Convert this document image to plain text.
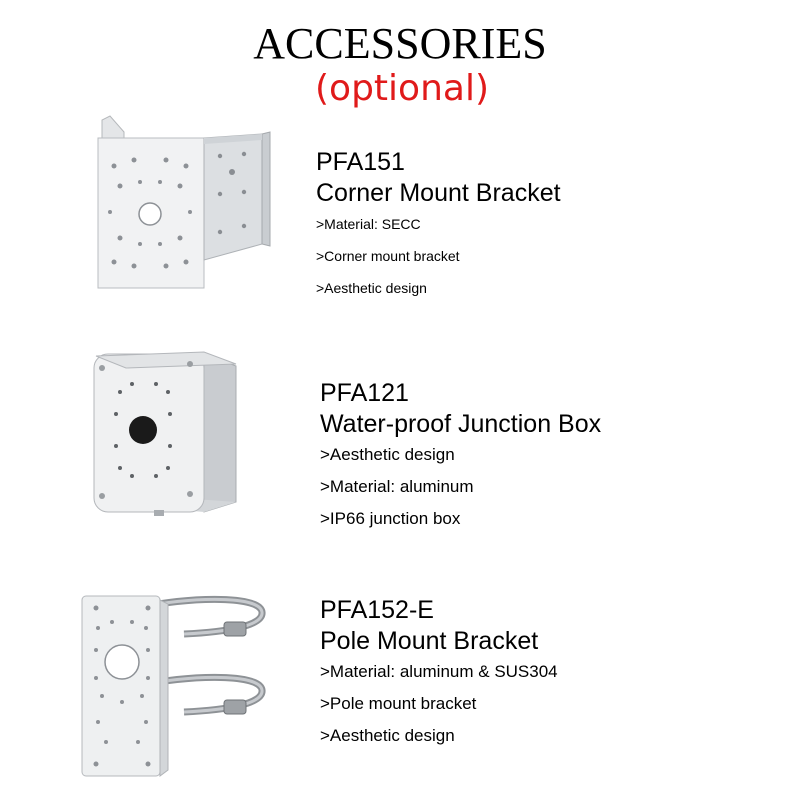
ACCESSORIES
(optional)
PFA151
Corner Mount Bracket
>Material: SECC
>Corner mount bracket
>Aesthetic design
PFA121
Water-proof Junction Box
>Aesthetic design
>Material: aluminum
>IP66 junction box
PFA152-E
Pole Mount Bracket
>Material: aluminum & SUS304
>Pole mount bracket
>Aesthetic design
